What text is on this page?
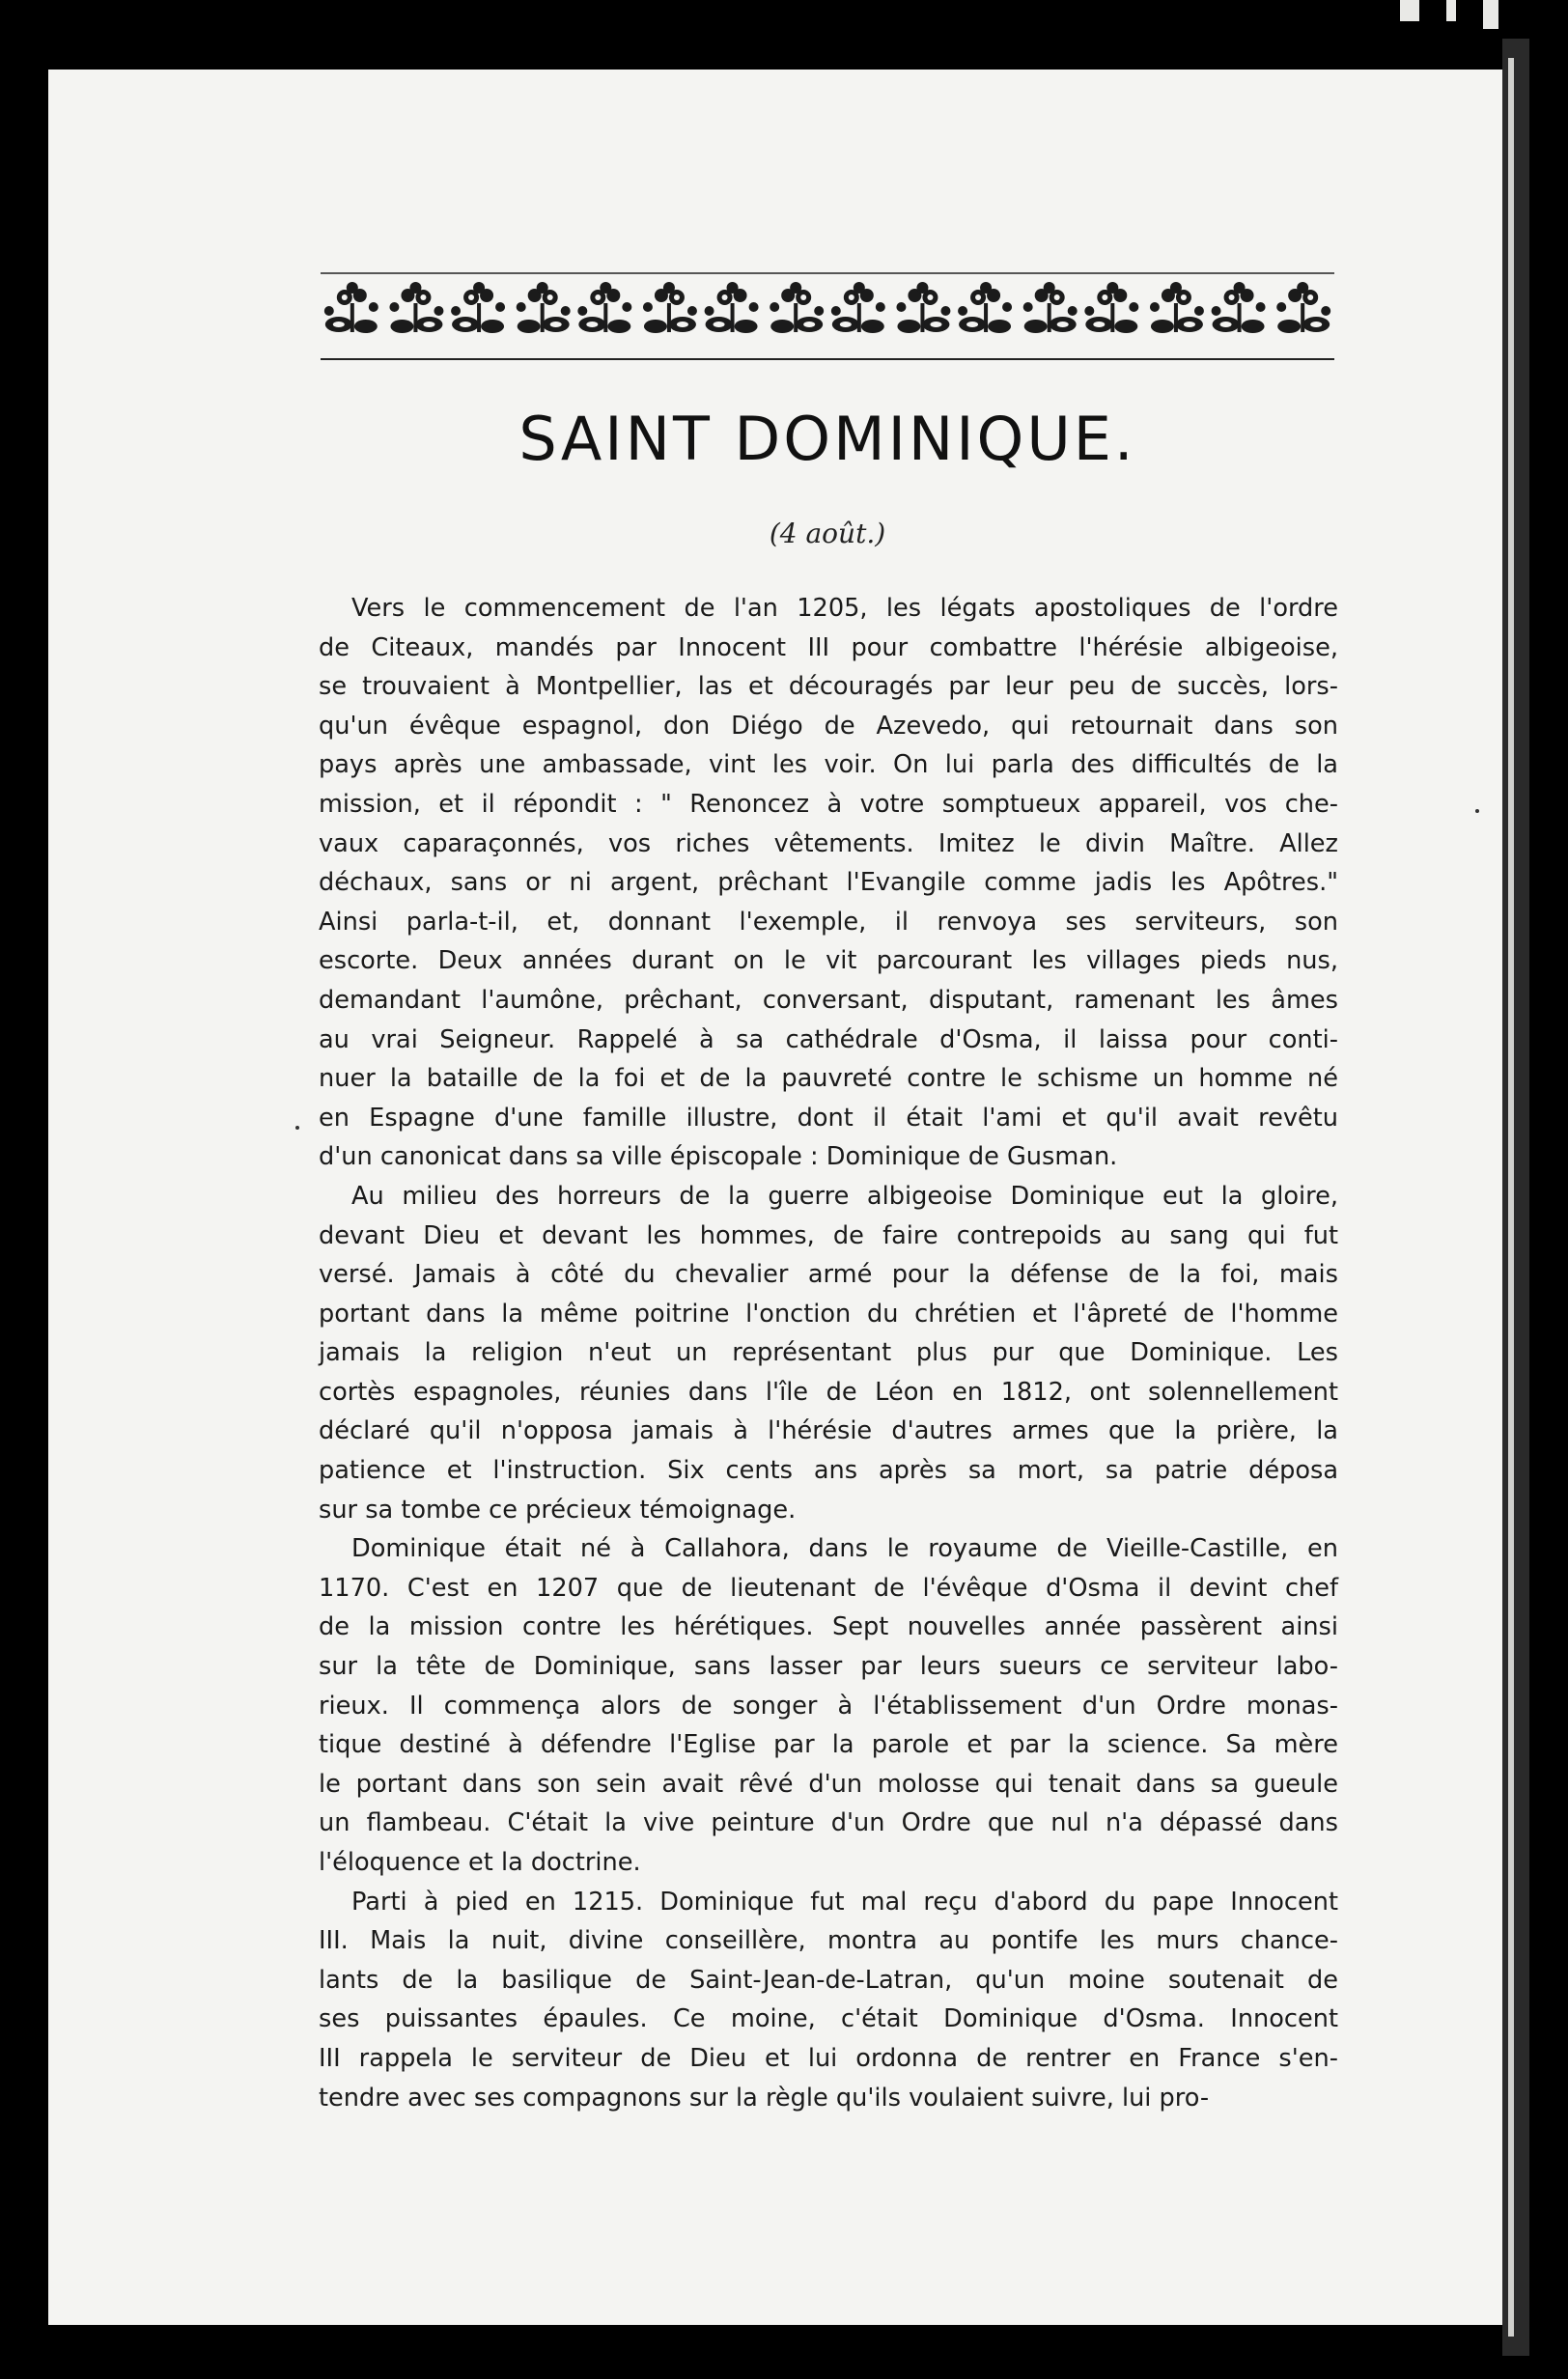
SAINT DOMINIQUE.
(4 août.)
Vers le commencement de l'an 1205, les légats apostoliques de l'ordre
de Citeaux, mandés par Innocent III pour combattre l'hérésie albigeoise,
se trouvaient à Montpellier, las et découragés par leur peu de succès, lors-
qu'un évêque espagnol, don Diégo de Azevedo, qui retournait dans son
pays après une ambassade, vint les voir. On lui parla des difficultés de la
mission, et il répondit : " Renoncez à votre somptueux appareil, vos che-
vaux caparaçonnés, vos riches vêtements. Imitez le divin Maître. Allez
déchaux, sans or ni argent, prêchant l'Evangile comme jadis les Apôtres."
Ainsi parla-t-il, et, donnant l'exemple, il renvoya ses serviteurs, son
escorte. Deux années durant on le vit parcourant les villages pieds nus,
demandant l'aumône, prêchant, conversant, disputant, ramenant les âmes
au vrai Seigneur. Rappelé à sa cathédrale d'Osma, il laissa pour conti-
nuer la bataille de la foi et de la pauvreté contre le schisme un homme né
en Espagne d'une famille illustre, dont il était l'ami et qu'il avait revêtu
d'un canonicat dans sa ville épiscopale : Dominique de Gusman.
Au milieu des horreurs de la guerre albigeoise Dominique eut la gloire,
devant Dieu et devant les hommes, de faire contrepoids au sang qui fut
versé. Jamais à côté du chevalier armé pour la défense de la foi, mais
portant dans la même poitrine l'onction du chrétien et l'âpreté de l'homme
jamais la religion n'eut un représentant plus pur que Dominique. Les
cortès espagnoles, réunies dans l'île de Léon en 1812, ont solennellement
déclaré qu'il n'opposa jamais à l'hérésie d'autres armes que la prière, la
patience et l'instruction. Six cents ans après sa mort, sa patrie déposa
sur sa tombe ce précieux témoignage.
Dominique était né à Callahora, dans le royaume de Vieille-Castille, en
1170. C'est en 1207 que de lieutenant de l'évêque d'Osma il devint chef
de la mission contre les hérétiques. Sept nouvelles année passèrent ainsi
sur la tête de Dominique, sans lasser par leurs sueurs ce serviteur labo-
rieux. Il commença alors de songer à l'établissement d'un Ordre monas-
tique destiné à défendre l'Eglise par la parole et par la science. Sa mère
le portant dans son sein avait rêvé d'un molosse qui tenait dans sa gueule
un flambeau. C'était la vive peinture d'un Ordre que nul n'a dépassé dans
l'éloquence et la doctrine.
Parti à pied en 1215. Dominique fut mal reçu d'abord du pape Innocent
III. Mais la nuit, divine conseillère, montra au pontife les murs chance-
lants de la basilique de Saint-Jean-de-Latran, qu'un moine soutenait de
ses puissantes épaules. Ce moine, c'était Dominique d'Osma. Innocent
III rappela le serviteur de Dieu et lui ordonna de rentrer en France s'en-
tendre avec ses compagnons sur la règle qu'ils voulaient suivre, lui pro-
